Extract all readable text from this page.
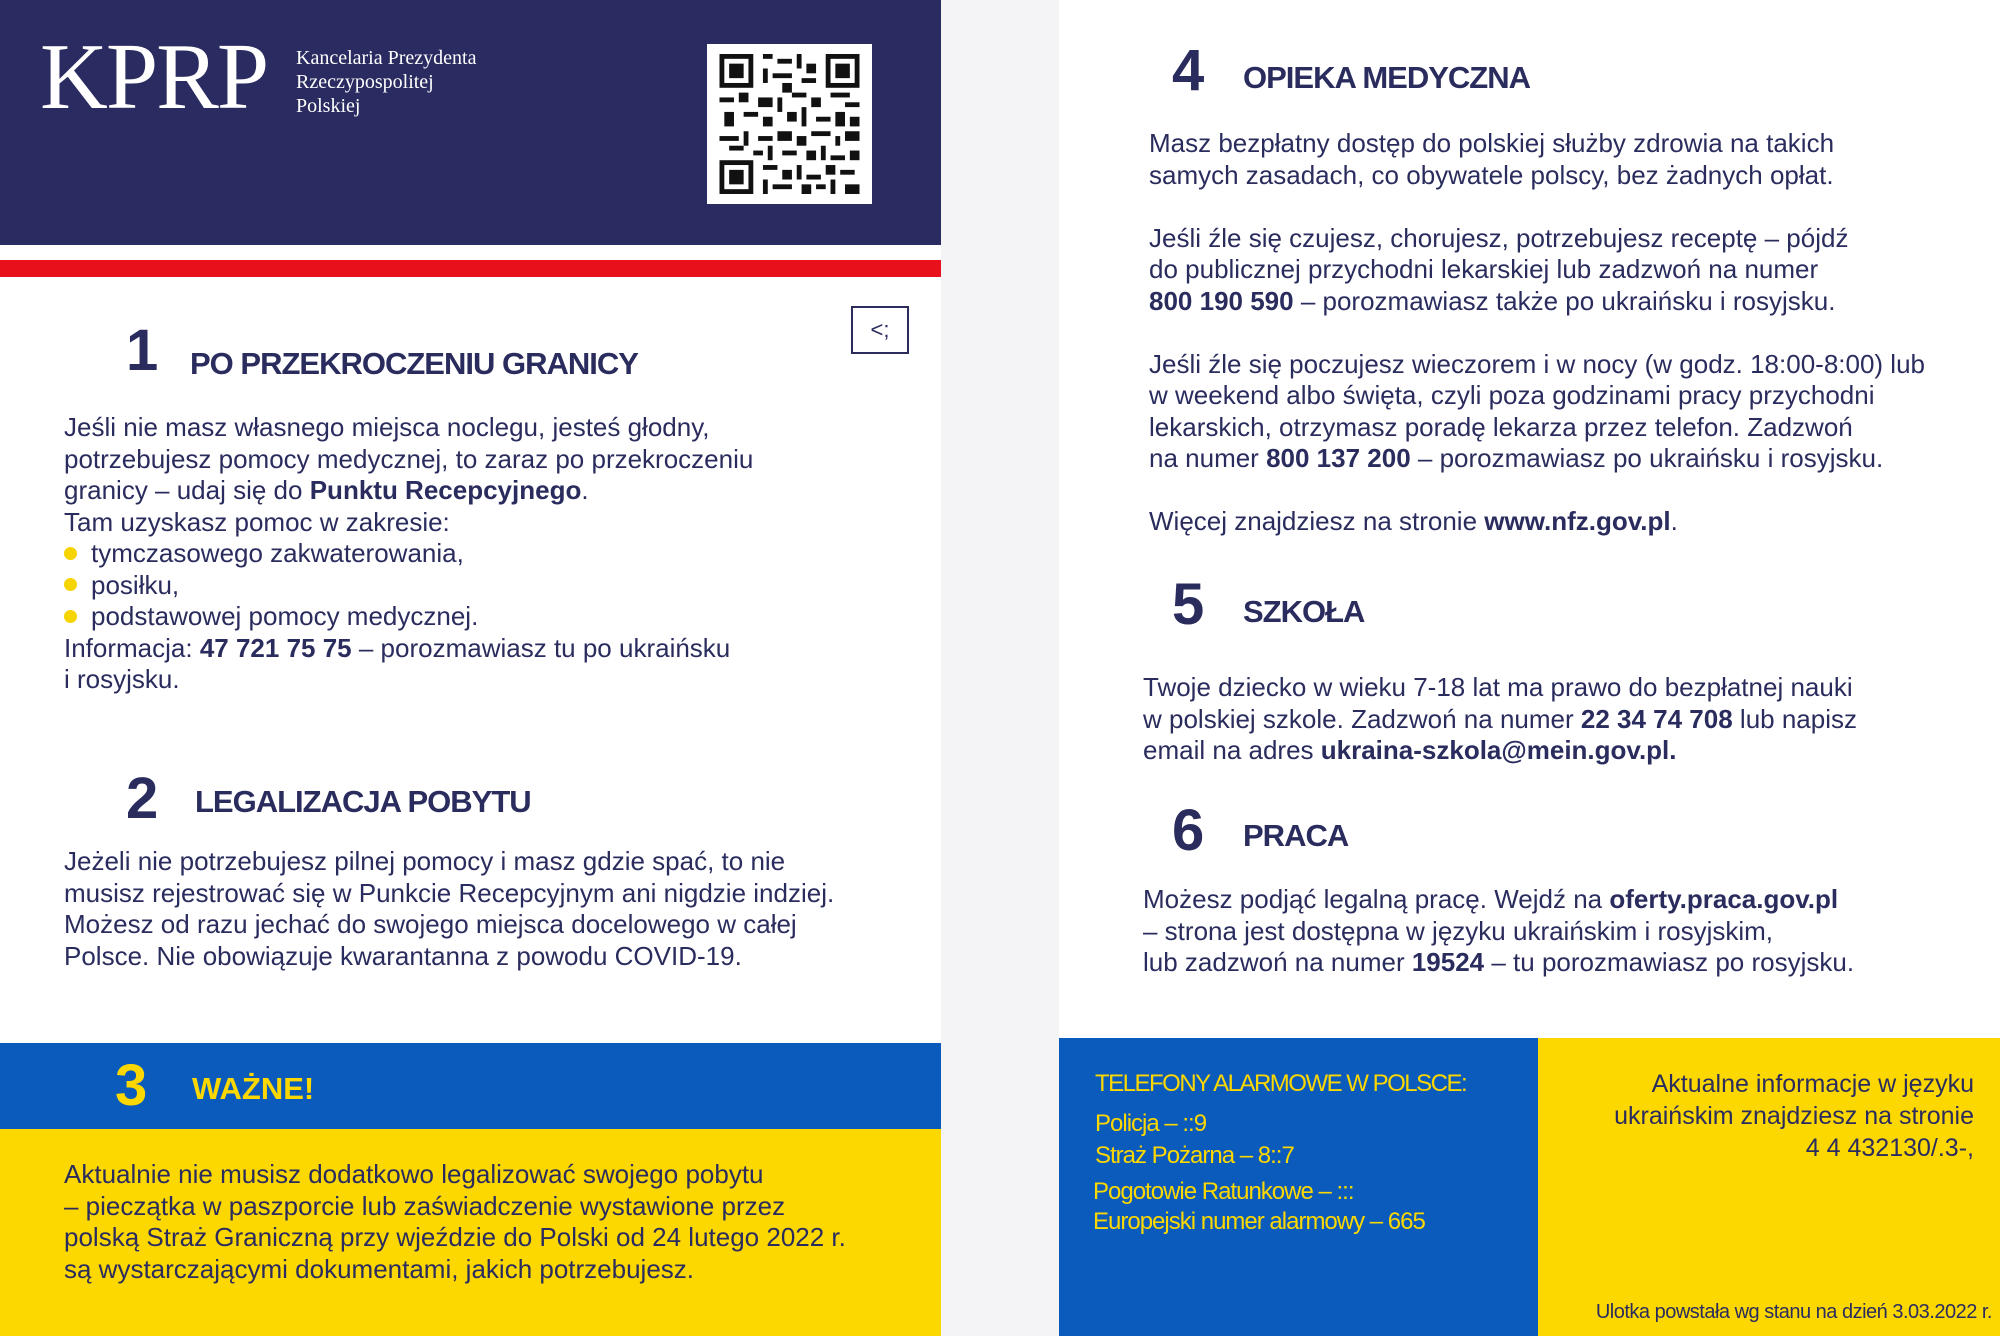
KPRP Kancelaria Prezydenta
Rzeczypospolitej
Polskiej
<;
1 PO PRZEKROCZENIU GRANICY
Jeśli nie masz własnego miejsca noclegu, jesteś głodny,
potrzebujesz pomocy medycznej, to zaraz po przekroczeniu
granicy – udaj się do Punktu Recepcyjnego.
Tam uzyskasz pomoc w zakresie:
tymczasowego zakwaterowania,
posiłku,
podstawowej pomocy medycznej.
Informacja: 47 721 75 75 – porozmawiasz tu po ukraińsku
i rosyjsku.
2 LEGALIZACJA POBYTU
Jeżeli nie potrzebujesz pilnej pomocy i masz gdzie spać, to nie
musisz rejestrować się w Punkcie Recepcyjnym ani nigdzie indziej.
Możesz od razu jechać do swojego miejsca docelowego w całej
Polsce. Nie obowiązuje kwarantanna z powodu COVID-19.
3 WAŻNE!
Aktualnie nie musisz dodatkowo legalizować swojego pobytu
– pieczątka w paszporcie lub zaświadczenie wystawione przez
polską Straż Graniczną przy wjeździe do Polski od 24 lutego 2022 r.
są wystarczającymi dokumentami, jakich potrzebujesz.
4 OPIEKA MEDYCZNA
Masz bezpłatny dostęp do polskiej służby zdrowia na takich
samych zasadach, co obywatele polscy, bez żadnych opłat.
Jeśli źle się czujesz, chorujesz, potrzebujesz receptę – pójdź
do publicznej przychodni lekarskiej lub zadzwoń na numer
800 190 590 – porozmawiasz także po ukraińsku i rosyjsku.
Jeśli źle się poczujesz wieczorem i w nocy (w godz. 18:00-8:00) lub
w weekend albo święta, czyli poza godzinami pracy przychodni
lekarskich, otrzymasz poradę lekarza przez telefon. Zadzwoń
na numer 800 137 200 – porozmawiasz po ukraińsku i rosyjsku.
Więcej znajdziesz na stronie www.nfz.gov.pl.
5 SZKOŁA
Twoje dziecko w wieku 7-18 lat ma prawo do bezpłatnej nauki
w polskiej szkole. Zadzwoń na numer 22 34 74 708 lub napisz
email na adres ukraina-szkola@mein.gov.pl.
6 PRACA
Możesz podjąć legalną pracę. Wejdź na oferty.praca.gov.pl
– strona jest dostępna w języku ukraińskim i rosyjskim,
lub zadzwoń na numer 19524 – tu porozmawiasz po rosyjsku.
TELEFONY ALARMOWE W POLSCE:
Policja – ::9
Straż Pożarna – 8::7
Pogotowie Ratunkowe – :::
Europejski numer alarmowy – 665
Aktualne informacje w języku
ukraińskim znajdziesz na stronie
4 4 432130/.3-,
Ulotka powstała wg stanu na dzień 3.03.2022 r.
